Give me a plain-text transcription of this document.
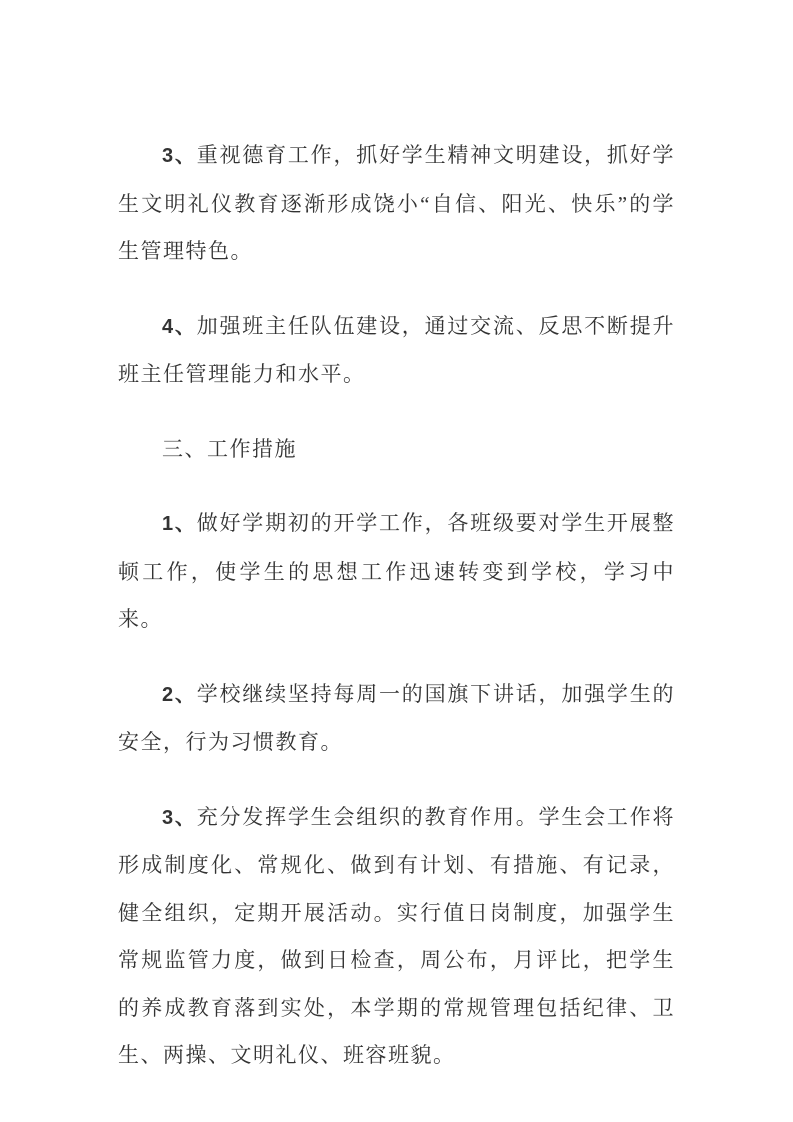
3、重视德育工作，抓好学生精神文明建设，抓好学生文明礼仪教育逐渐形成饶小“自信、阳光、快乐”的学生管理特色。

4、加强班主任队伍建设，通过交流、反思不断提升班主任管理能力和水平。

三、工作措施

1、做好学期初的开学工作，各班级要对学生开展整顿工作，使学生的思想工作迅速转变到学校，学习中来。

2、学校继续坚持每周一的国旗下讲话，加强学生的安全，行为习惯教育。

3、充分发挥学生会组织的教育作用。学生会工作将形成制度化、常规化、做到有计划、有措施、有记录，健全组织，定期开展活动。实行值日岗制度，加强学生常规监管力度，做到日检查，周公布，月评比，把学生的养成教育落到实处，本学期的常规管理包括纪律、卫生、两操、文明礼仪、班容班貌。
